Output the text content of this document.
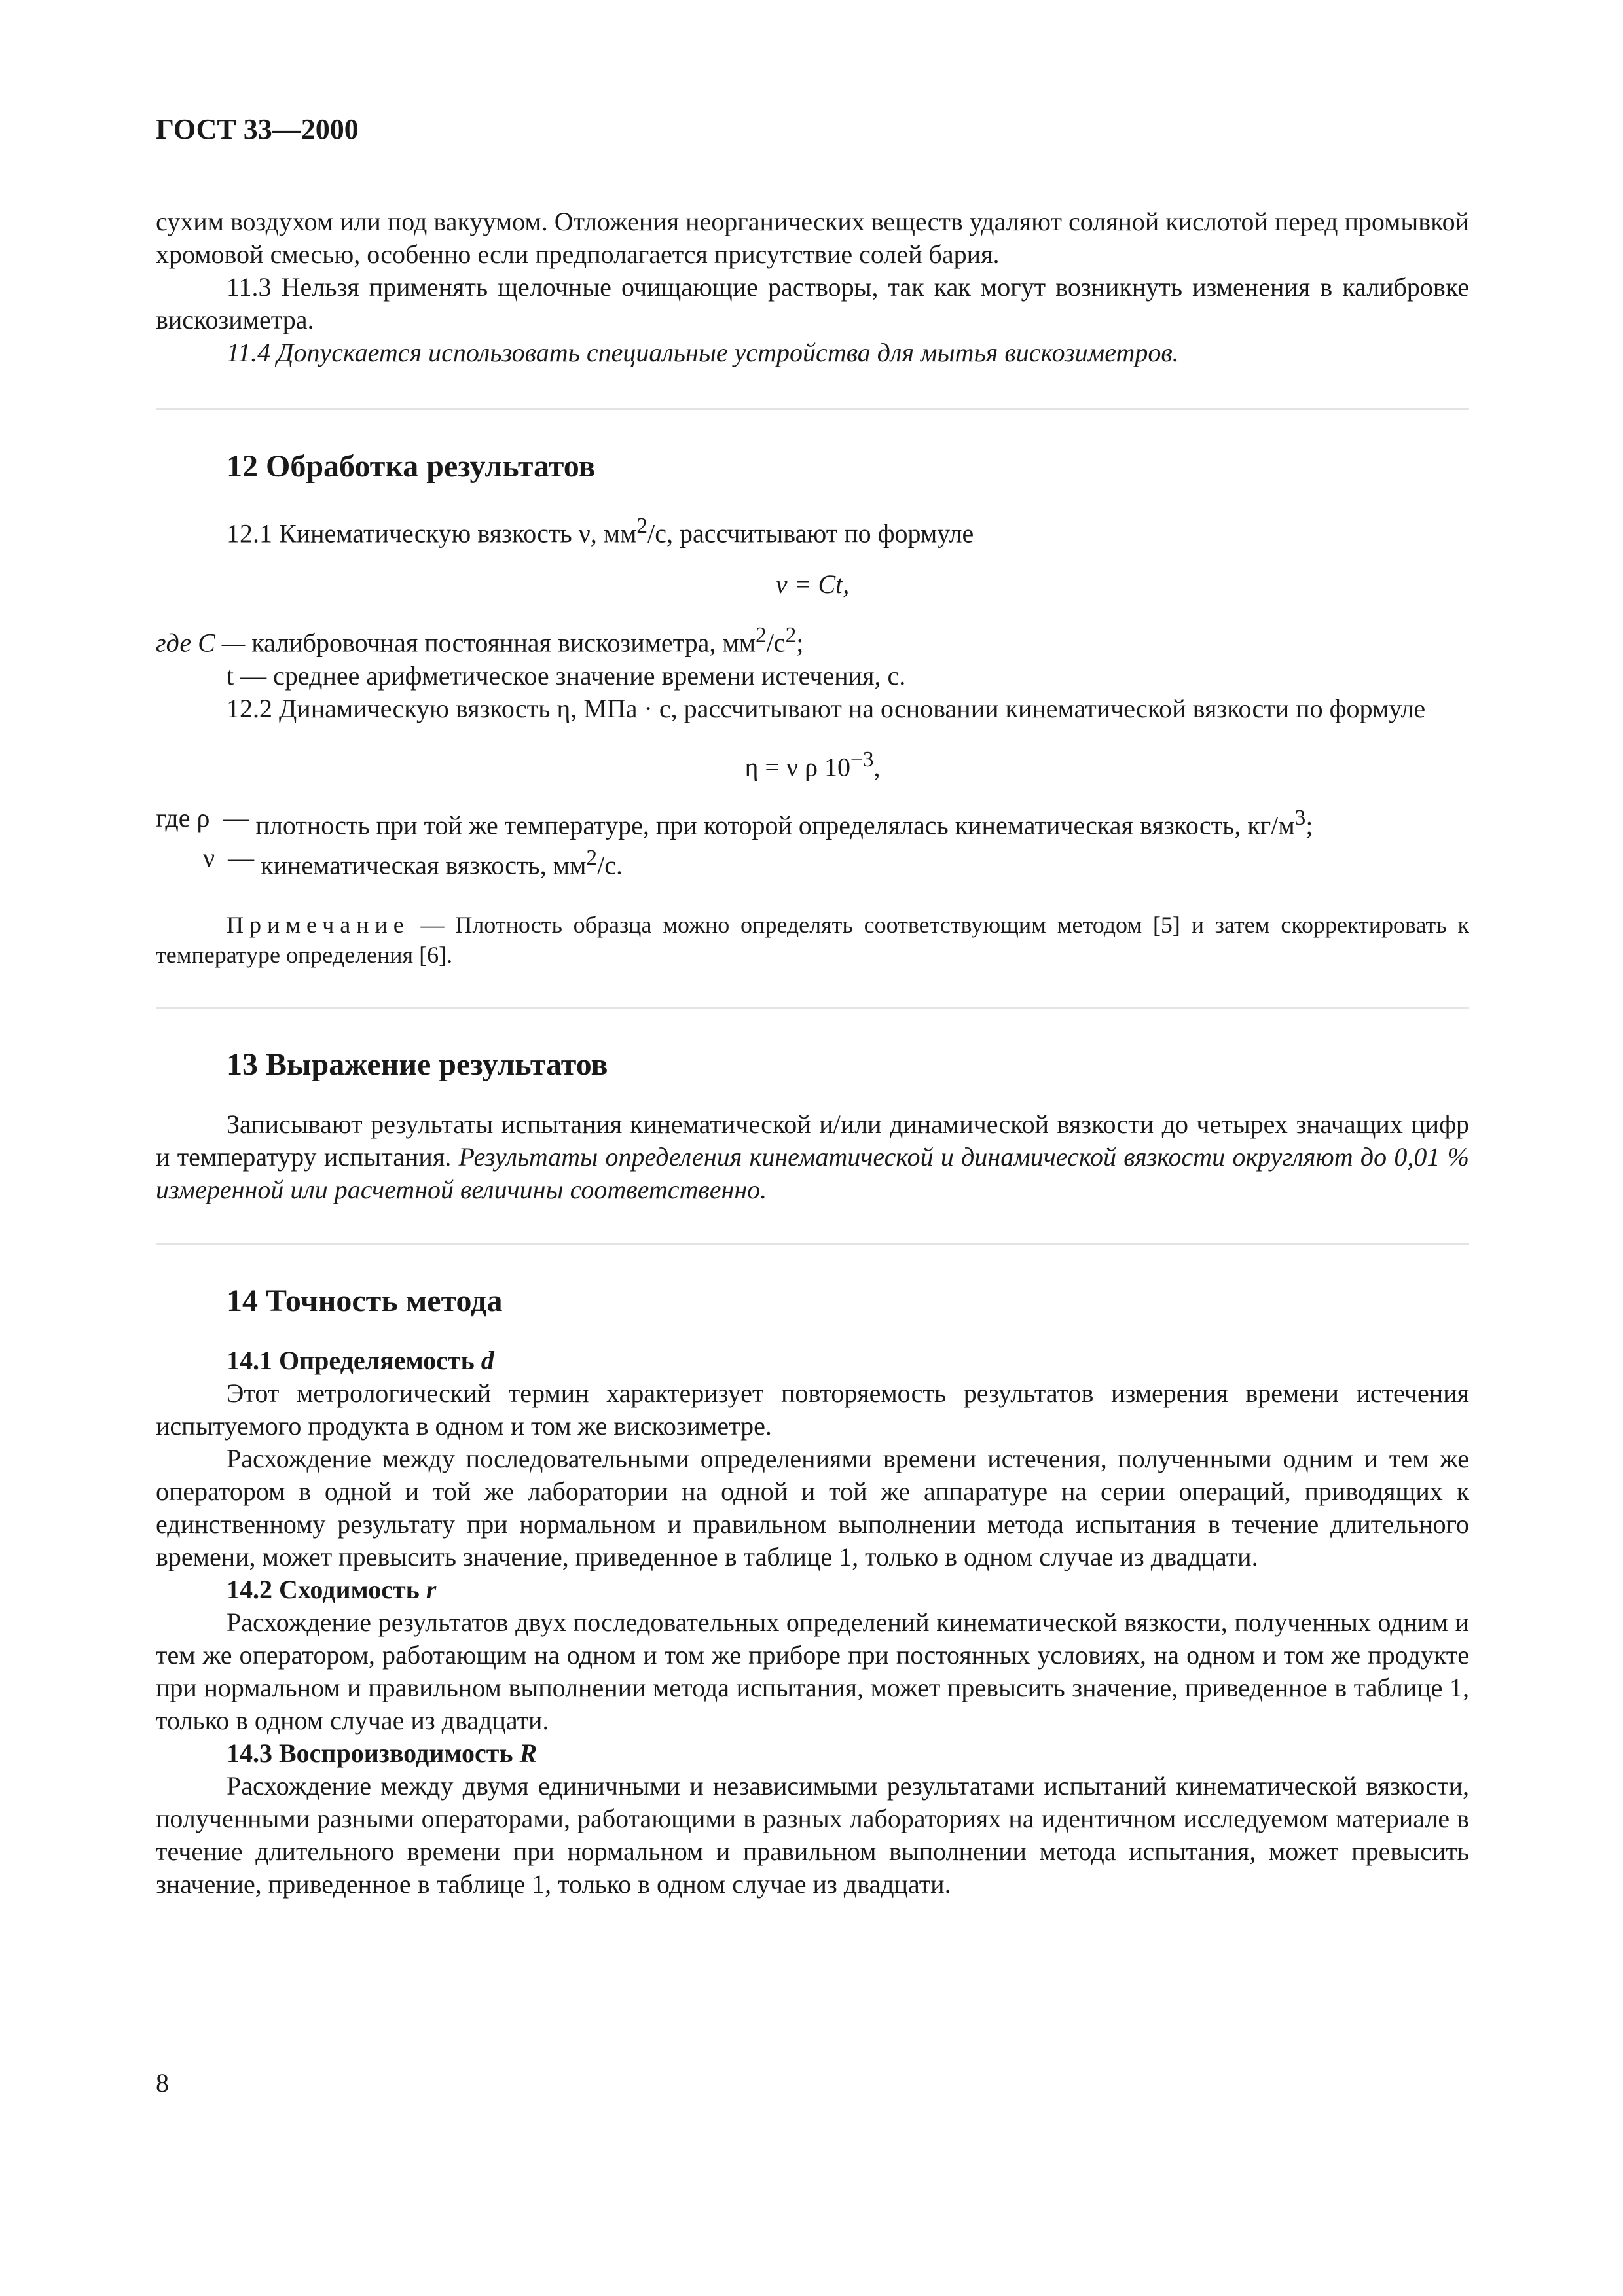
ГОСТ 33—2000

сухим воздухом или под вакуумом. Отложения неорганических веществ удаляют соляной кислотой перед промывкой хромовой смесью, особенно если предполагается присутствие солей бария.

11.3 Нельзя применять щелочные очищающие растворы, так как могут возникнуть изменения в калибровке вискозиметра.

11.4 Допускается использовать специальные устройства для мытья вискозиметров.

12 Обработка результатов

12.1 Кинематическую вязкость ν, $мм^2/с$, рассчитывают по формуле

ν = Ct,

где C — калибровочная постоянная вискозиметра, $мм^2/с^2$;

t — среднее арифметическое значение времени истечения, с.

12.2 Динамическую вязкость η, МПа · с, рассчитывают на основании кинематической вязкости по формуле

η = ν ρ $10^{-3}$,
где ρ  — плотность при той же температуре, при которой определялась кинематическая вязкость, $кг/м^3$;
ν  — кинематическая вязкость, $мм^2/с$.
Примечание — Плотность образца можно определять соответствующим методом [5] и затем скорректировать к температуре определения [6].
13 Выражение результатов

Записывают результаты испытания кинематической и/или динамической вязкости до четырех значащих цифр и температуру испытания. Результаты определения кинематической и динамической вязкости округляют до 0,01 % измеренной или расчетной величины соответственно.

14 Точность метода

14.1 Определяемость d

Этот метрологический термин характеризует повторяемость результатов измерения времени истечения испытуемого продукта в одном и том же вискозиметре.

Расхождение между последовательными определениями времени истечения, полученными одним и тем же оператором в одной и той же лаборатории на одной и той же аппаратуре на серии операций, приводящих к единственному результату при нормальном и правильном выполнении метода испытания в течение длительного времени, может превысить значение, приведенное в таблице 1, только в одном случае из двадцати.

14.2 Сходимость r

Расхождение результатов двух последовательных определений кинематической вязкости, полученных одним и тем же оператором, работающим на одном и том же приборе при постоянных условиях, на одном и том же продукте при нормальном и правильном выполнении метода испытания, может превысить значение, приведенное в таблице 1, только в одном случае из двадцати.

14.3 Воспроизводимость R

Расхождение между двумя единичными и независимыми результатами испытаний кинематической вязкости, полученными разными операторами, работающими в разных лабораториях на идентичном исследуемом материале в течение длительного времени при нормальном и правильном выполнении метода испытания, может превысить значение, приведенное в таблице 1, только в одном случае из двадцати.

8
